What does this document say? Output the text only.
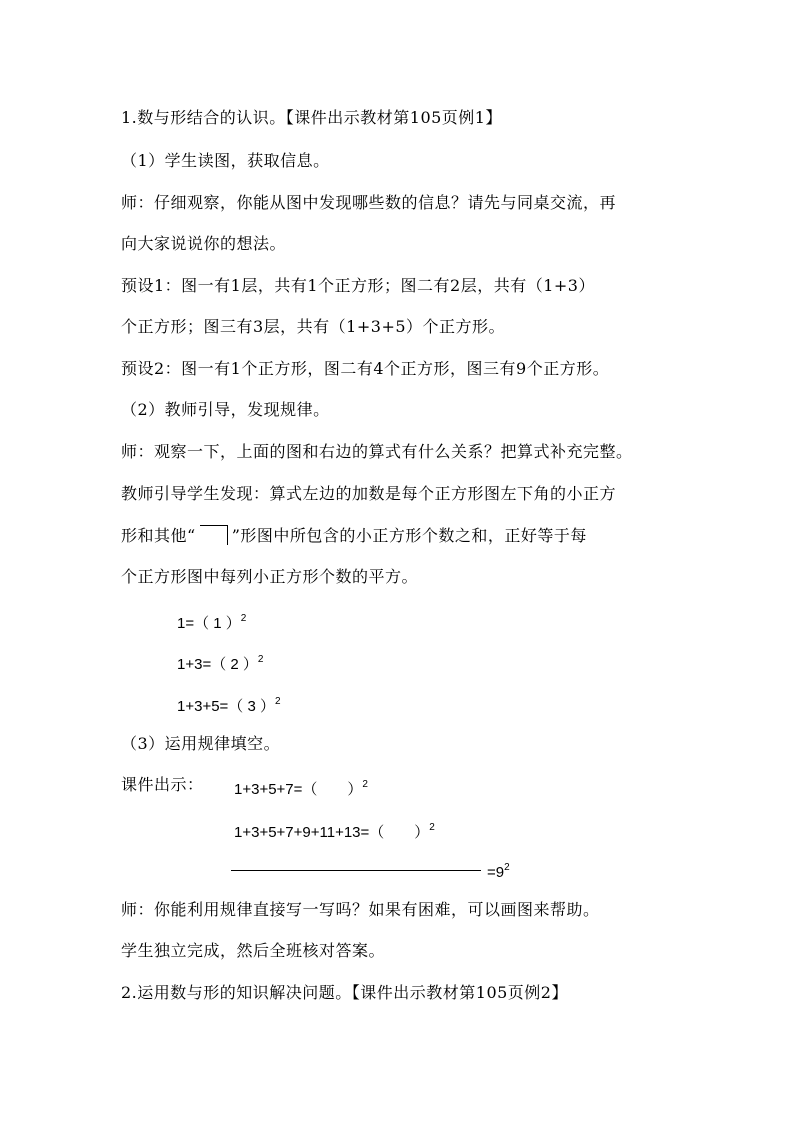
1.数与形结合的认识。【课件出示教材第105页例1】
（1）学生读图，获取信息。
师：仔细观察，你能从图中发现哪些数的信息？请先与同桌交流，再
向大家说说你的想法。
预设1：图一有1层，共有1个正方形；图二有2层，共有（1+3）
个正方形；图三有3层，共有（1+3+5）个正方形。
预设2：图一有1个正方形，图二有4个正方形，图三有9个正方形。
（2）教师引导，发现规律。
师：观察一下，上面的图和右边的算式有什么关系？把算式补充完整。
教师引导学生发现：算式左边的加数是每个正方形图左下角的小正方
形和其他“ ”形图中所包含的小正方形个数之和，正好等于每
个正方形图中每列小正方形个数的平方。
1=（ 1 ）$^2$
1+3=（ 2 ）$^2$
1+3+5=（ 3 ）$^2$
（3）运用规律填空。
课件出示： 1+3+5+7=（　　）$^2$
1+3+5+7+9+11+13=（　　）$^2$
$=9^2$
师：你能利用规律直接写一写吗？如果有困难，可以画图来帮助。
学生独立完成，然后全班核对答案。
2.运用数与形的知识解决问题。【课件出示教材第105页例2】
